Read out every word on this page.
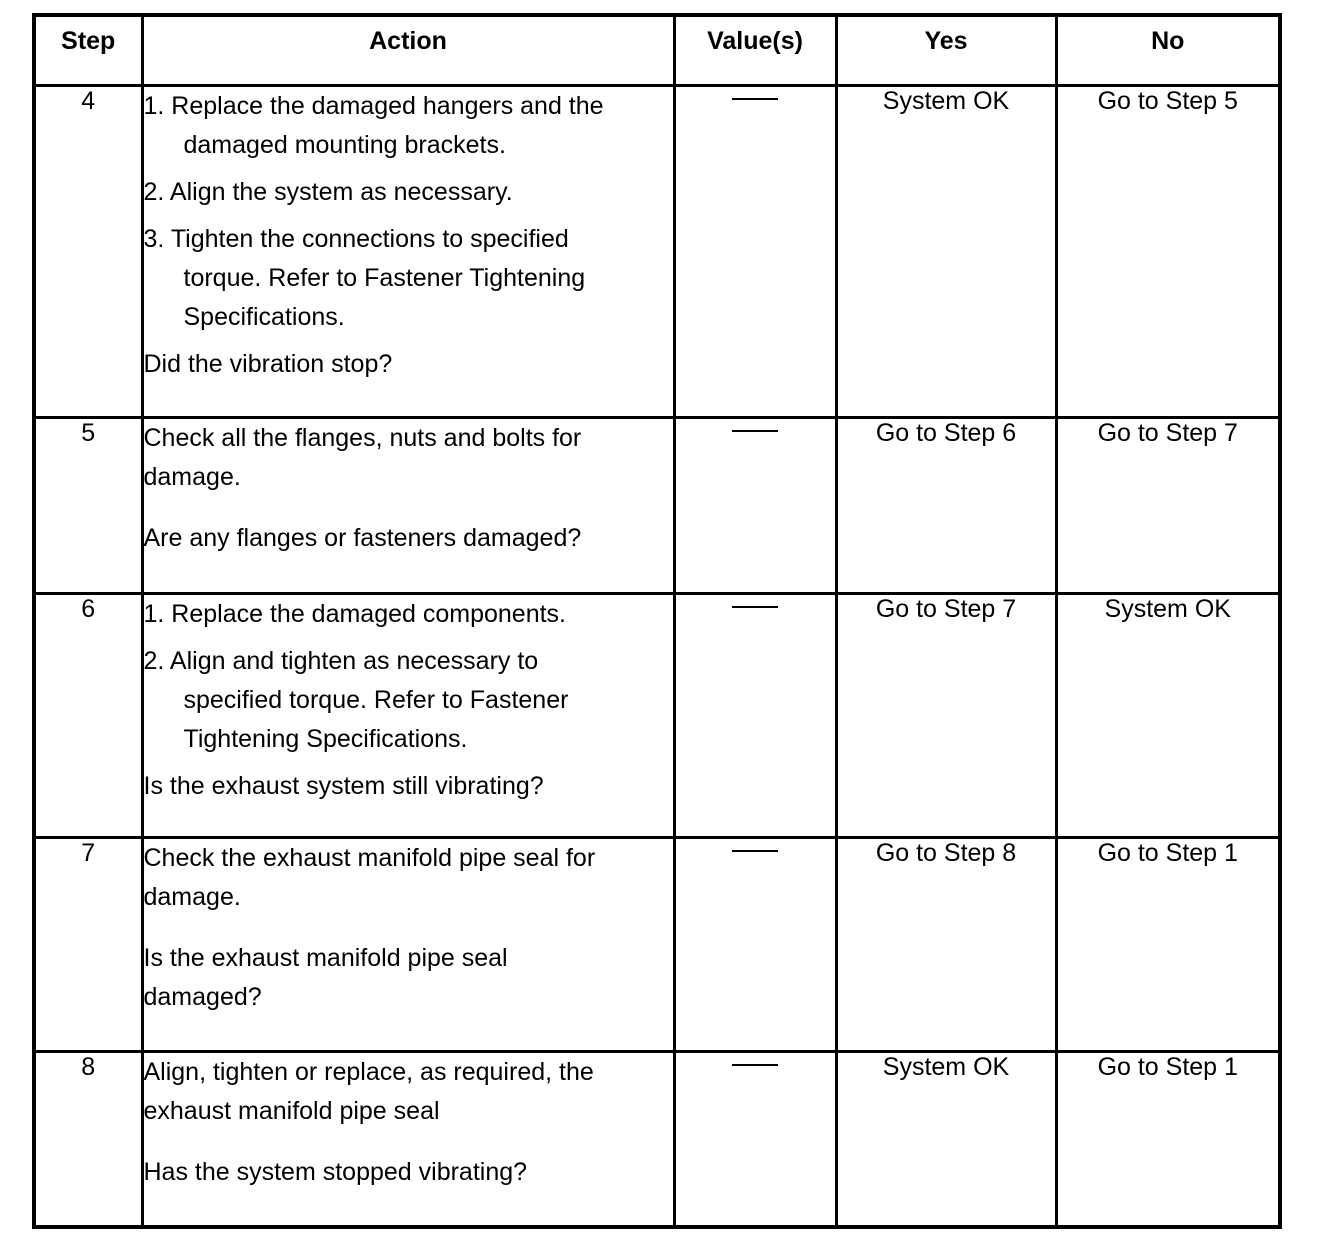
Step	Action	Value(s)	Yes	No
4	1. Replace the damaged hangers and the damaged mounting brackets.
2. Align the system as necessary.
3. Tighten the connections to specified torque. Refer to Fastener Tightening Specifications.
Did the vibration stop?		System OK	Go to Step 5
5	Check all the flanges, nuts and bolts for damage.
Are any flanges or fasteners damaged?		Go to Step 6	Go to Step 7
6	1. Replace the damaged components.
2. Align and tighten as necessary to specified torque. Refer to Fastener Tightening Specifications.
Is the exhaust system still vibrating?		Go to Step 7	System OK
7	Check the exhaust manifold pipe seal for damage.
Is the exhaust manifold pipe seal damaged?		Go to Step 8	Go to Step 1
8	Align, tighten or replace, as required, the exhaust manifold pipe seal
Has the system stopped vibrating?		System OK	Go to Step 1
